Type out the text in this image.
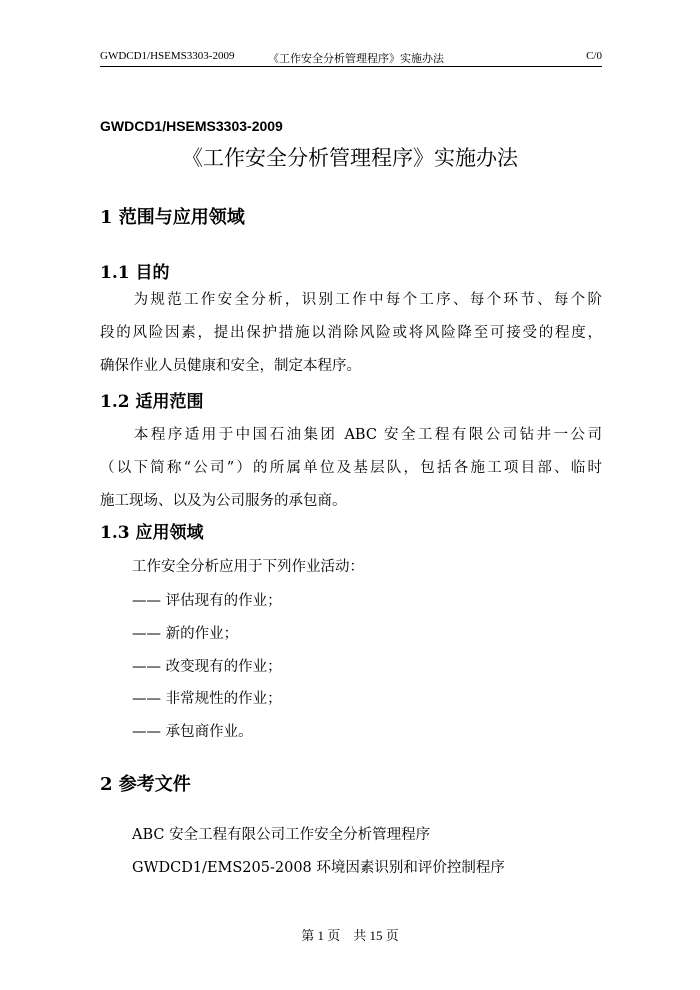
GWDCD1/HSEMS3303-2009	《工作安全分析管理程序》实施办法	C/0
GWDCD1/HSEMS3303-2009
《工作安全分析管理程序》实施办法
1 范围与应用领域
1.1 目的
　　为规范工作安全分析，识别工作中每个工序、每个环节、每个阶
段的风险因素，提出保护措施以消除风险或将风险降至可接受的程度，
确保作业人员健康和安全，制定本程序。
1.2 适用范围
　　本程序适用于中国石油集团 ABC 安全工程有限公司钻井一公司
（以下简称“公司”）的所属单位及基层队，包括各施工项目部、临时
施工现场、以及为公司服务的承包商。
1.3 应用领域
工作安全分析应用于下列作业活动：
—— 评估现有的作业；
—— 新的作业；
—— 改变现有的作业；
—— 非常规性的作业；
—— 承包商作业。
2 参考文件
ABC 安全工程有限公司工作安全分析管理程序
GWDCD1/EMS205-2008 环境因素识别和评价控制程序
第 1 页　共 15 页
